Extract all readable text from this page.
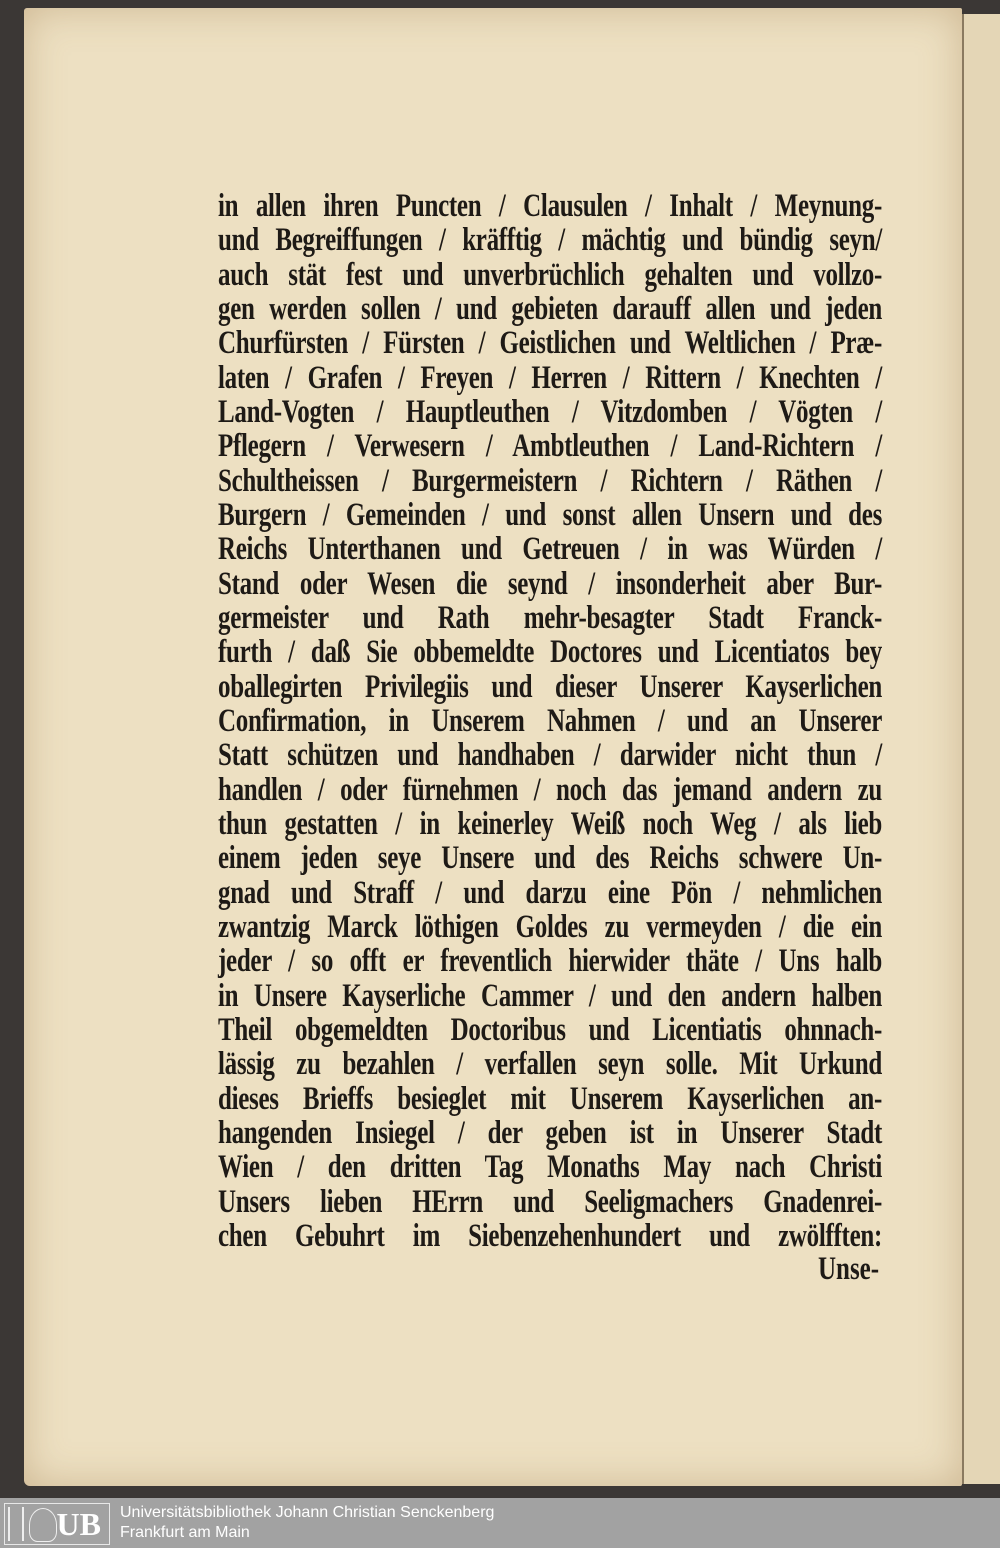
in allen ihren Puncten / Clausulen / Inhalt / Meynung-
und Begreiffungen / kräfftig / mächtig und bündig seyn/
auch stät fest und unverbrüchlich gehalten und vollzo-
gen werden sollen / und gebieten darauff allen und jeden
Churfürsten / Fürsten / Geistlichen und Weltlichen / Præ-
laten / Grafen / Freyen / Herren / Rittern / Knechten /
Land-Vogten / Hauptleuthen / Vitzdomben / Vögten /
Pflegern / Verwesern / Ambtleuthen / Land-Richtern /
Schultheissen / Burgermeistern / Richtern / Räthen /
Burgern / Gemeinden / und sonst allen Unsern und des
Reichs Unterthanen und Getreuen / in was Würden /
Stand oder Wesen die seynd / insonderheit aber Bur-
germeister und Rath mehr-besagter Stadt Franck-
furth / daß Sie obbemeldte Doctores und Licentiatos bey
oballegirten Privilegiis und dieser Unserer Kayserlichen
Confirmation, in Unserem Nahmen / und an Unserer
Statt schützen und handhaben / darwider nicht thun /
handlen / oder fürnehmen / noch das jemand andern zu
thun gestatten / in keinerley Weiß noch Weg / als lieb
einem jeden seye Unsere und des Reichs schwere Un-
gnad und Straff / und darzu eine Pön / nehmlichen
zwantzig Marck löthigen Goldes zu vermeyden / die ein
jeder / so offt er freventlich hierwider thäte / Uns halb
in Unsere Kayserliche Cammer / und den andern halben
Theil obgemeldten Doctoribus und Licentiatis ohnnach-
lässig zu bezahlen / verfallen seyn solle. Mit Urkund
dieses Brieffs besieglet mit Unserem Kayserlichen an-
hangenden Insiegel / der geben ist in Unserer Stadt
Wien / den dritten Tag Monaths May nach Christi
Unsers lieben HErrn und Seeligmachers Gnadenrei-
chen Gebuhrt im Siebenzehenhundert und zwölfften:
Unse-
UB Universitätsbibliothek Johann Christian Senckenberg
Frankfurt am Main
